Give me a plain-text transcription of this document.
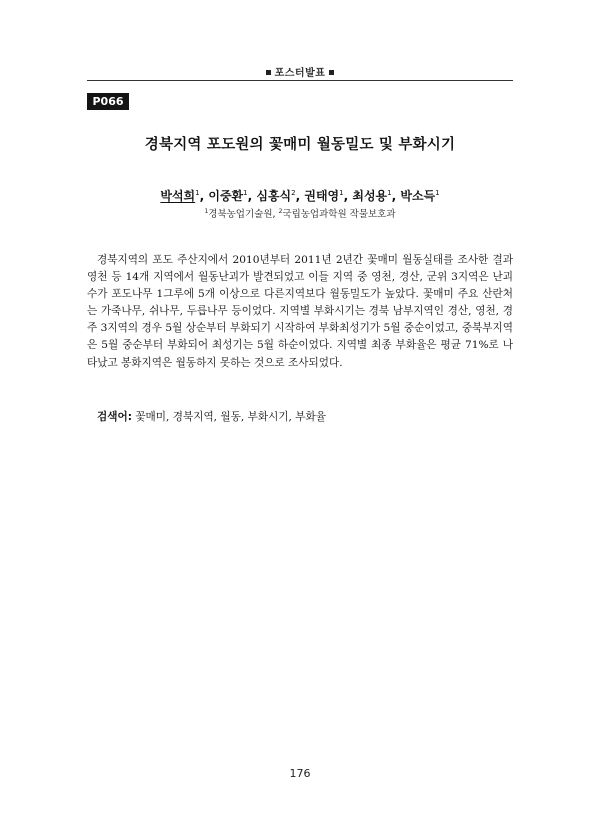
포스터발표
P066
경북지역 포도원의 꽃매미 월동밀도 및 부화시기
박석희$^1$, 이중환$^1$, 심홍식$^2$, 권태영$^1$, 최성용$^1$, 박소득$^1$
$^1$경북농업기술원, $^2$국립농업과학원 작물보호과

경북지역의 포도 주산지에서 2010년부터 2011년 2년간 꽃매미 월동실태를 조사한 결과 영천 등 14개 지역에서 월동난괴가 발견되었고 이들 지역 중 영천, 경산, 군위 3지역은 난괴수가 포도나무 1그루에 5개 이상으로 다른지역보다 월동밀도가 높았다. 꽃매미 주요 산란처는 가죽나무, 쉬나무, 두릅나무 등이었다. 지역별 부화시기는 경북 남부지역인 경산, 영천, 경주 3지역의 경우 5월 상순부터 부화되기 시작하여 부화최성기가 5월 중순이었고, 중북부지역은 5월 중순부터 부화되어 최성기는 5월 하순이었다. 지역별 최종 부화율은 평균 71%로 나타났고 봉화지역은 월동하지 못하는 것으로 조사되었다.

검색어: 꽃매미, 경북지역, 월동, 부화시기, 부화율
176
